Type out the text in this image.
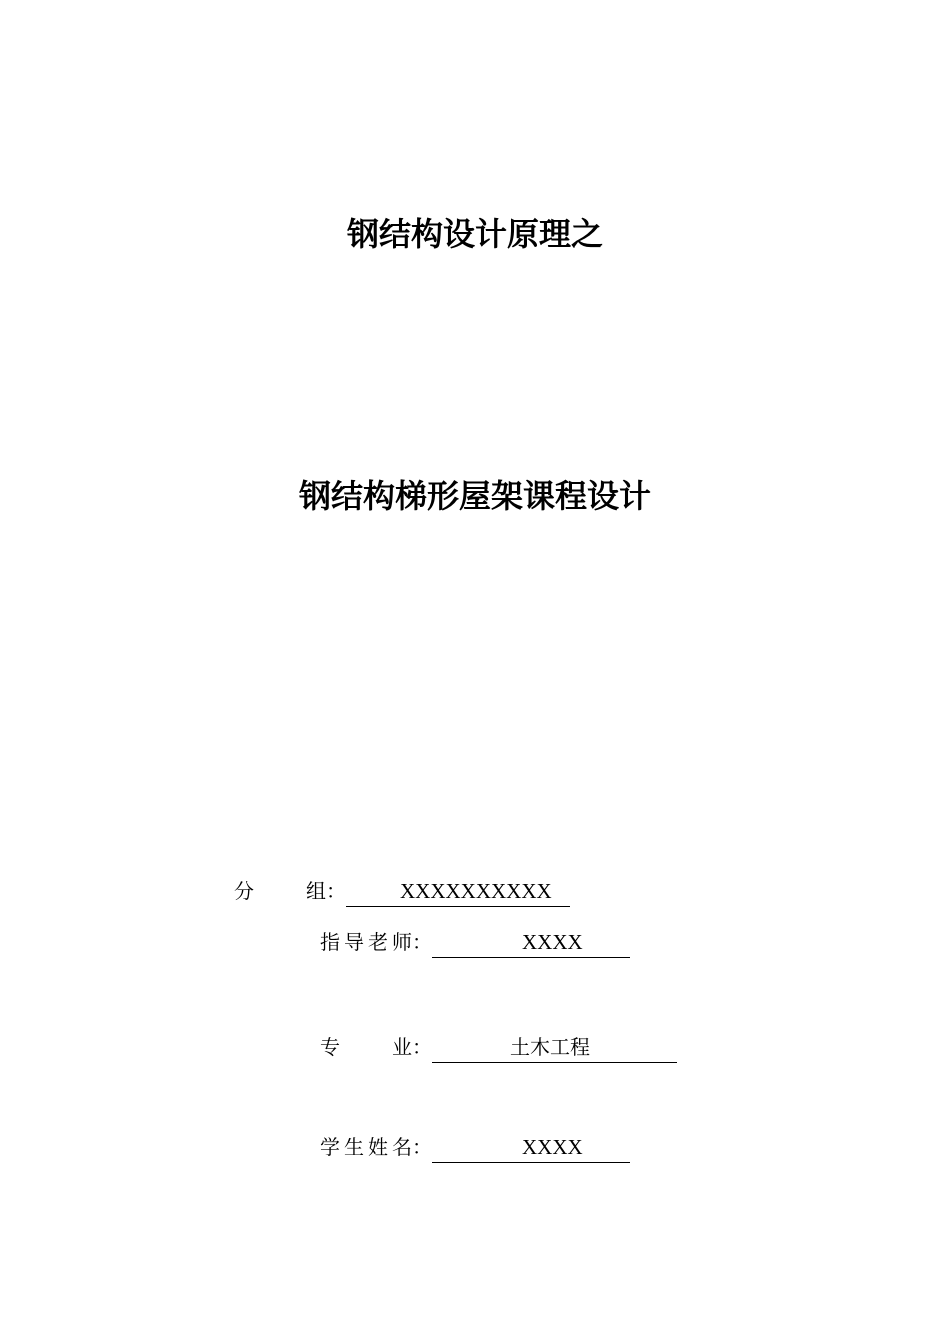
钢结构设计原理之
钢结构梯形屋架课程设计
分	组 ：	XXXXXXXXXX
指 导 老 师 ：	XXXX
专	业 ：	土木工程
学 生 姓 名 ：	XXXX
